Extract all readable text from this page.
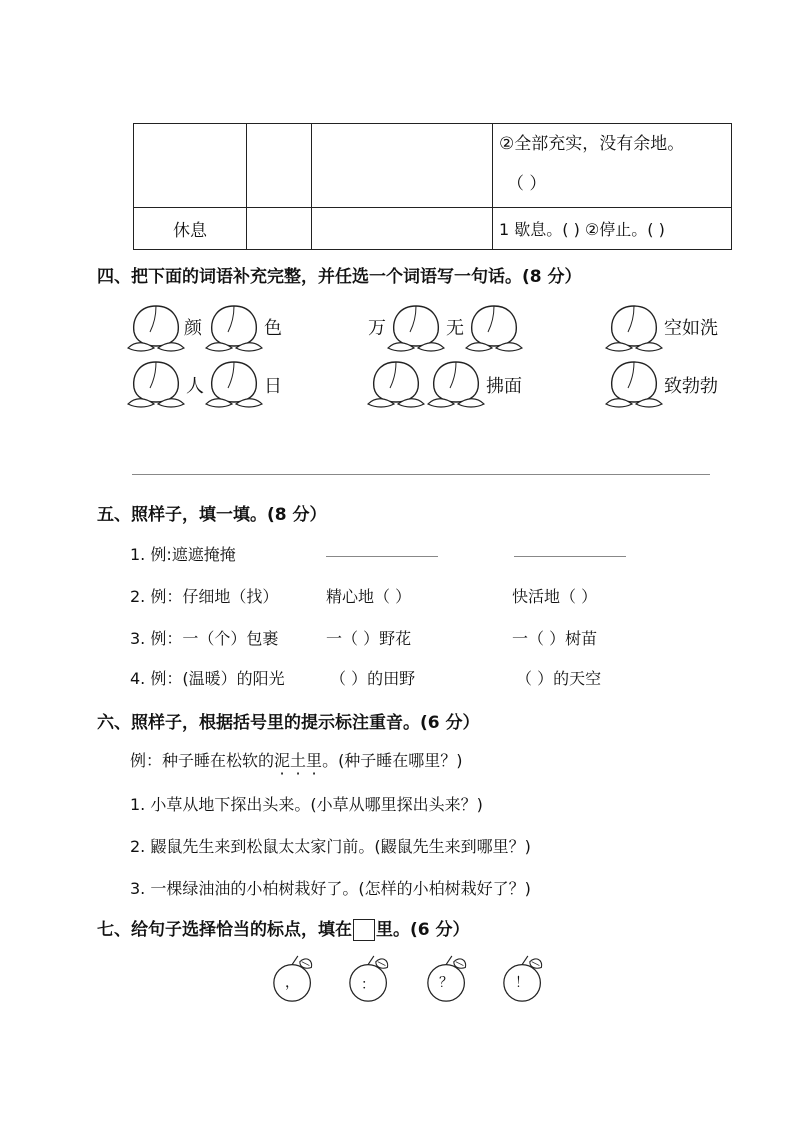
			②全部充实，没有余地。
（ ）

休息			1 歇息。( ) ②停止。( )
四、把下面的词语补充完整，并任选一个词语写一句话。(8 分）
颜	色	万	无	空如洗
人	日	拂面	致勃勃
五、照样子，填一填。(8 分）
1. 例:遮遮掩掩
2. 例：仔细地（找）	精心地（ ）	快活地（ ）
3. 例：一（个）包裹	一（ ）野花	一（ ）树苗
4. 例：(温暖）的阳光	（ ）的田野	（ ）的天空
六、照样子，根据括号里的提示标注重音。(6 分）
例：种子睡在松软的泥土里。(种子睡在哪里？)
1. 小草从地下探出头来。(小草从哪里探出头来？)
2. 鼹鼠先生来到松鼠太太家门前。(鼹鼠先生来到哪里？)
3. 一棵绿油油的小柏树栽好了。(怎样的小柏树栽好了？)
七、给句子选择恰当的标点，填在 里。(6 分）
，	：	？	！
